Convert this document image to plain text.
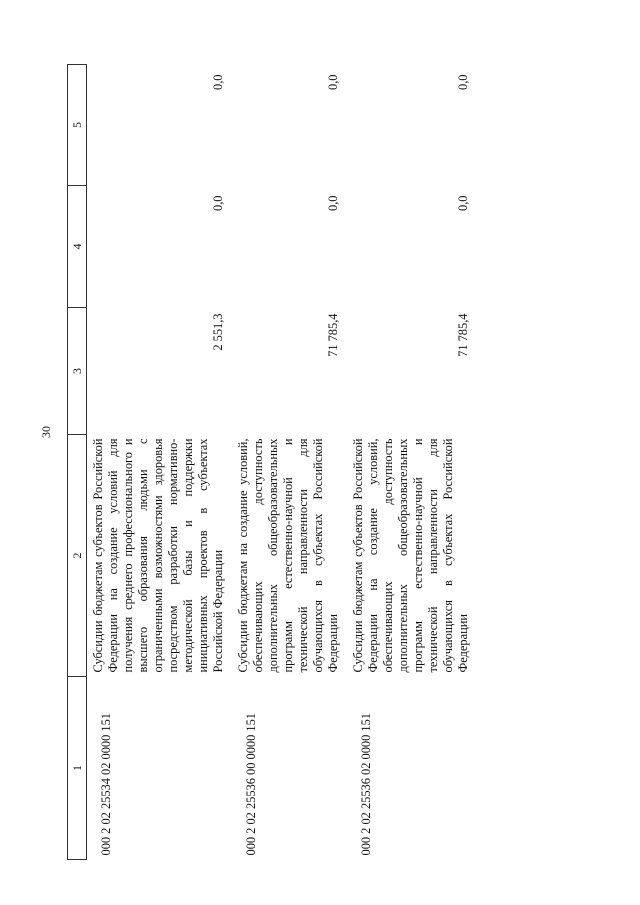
30
1	2	3	4	5
000 2 02 25534 02 0000 151	Субсидии бюджетам субъектов Российской Федерации на создание условий для получения среднего профессионального и высшего образования людьми с ограниченными возможностями здоровья посредством разработки нормативно-методической базы и поддержки инициативных проектов в субъектах Российской Федерации	2 551,3	0,0	0,0
000 2 02 25536 00 0000 151	Субсидии бюджетам на создание условий, обеспечивающих доступность дополнительных общеобразовательных программ естественно-научной и технической направленности для обучающихся в субъектах Российской Федерации	71 785,4	0,0	0,0
000 2 02 25536 02 0000 151	Субсидии бюджетам субъектов Российской Федерации на создание условий, обеспечивающих доступность дополнительных общеобразовательных программ естественно-научной и технической направленности для обучающихся в субъектах Российской Федерации	71 785,4	0,0	0,0
